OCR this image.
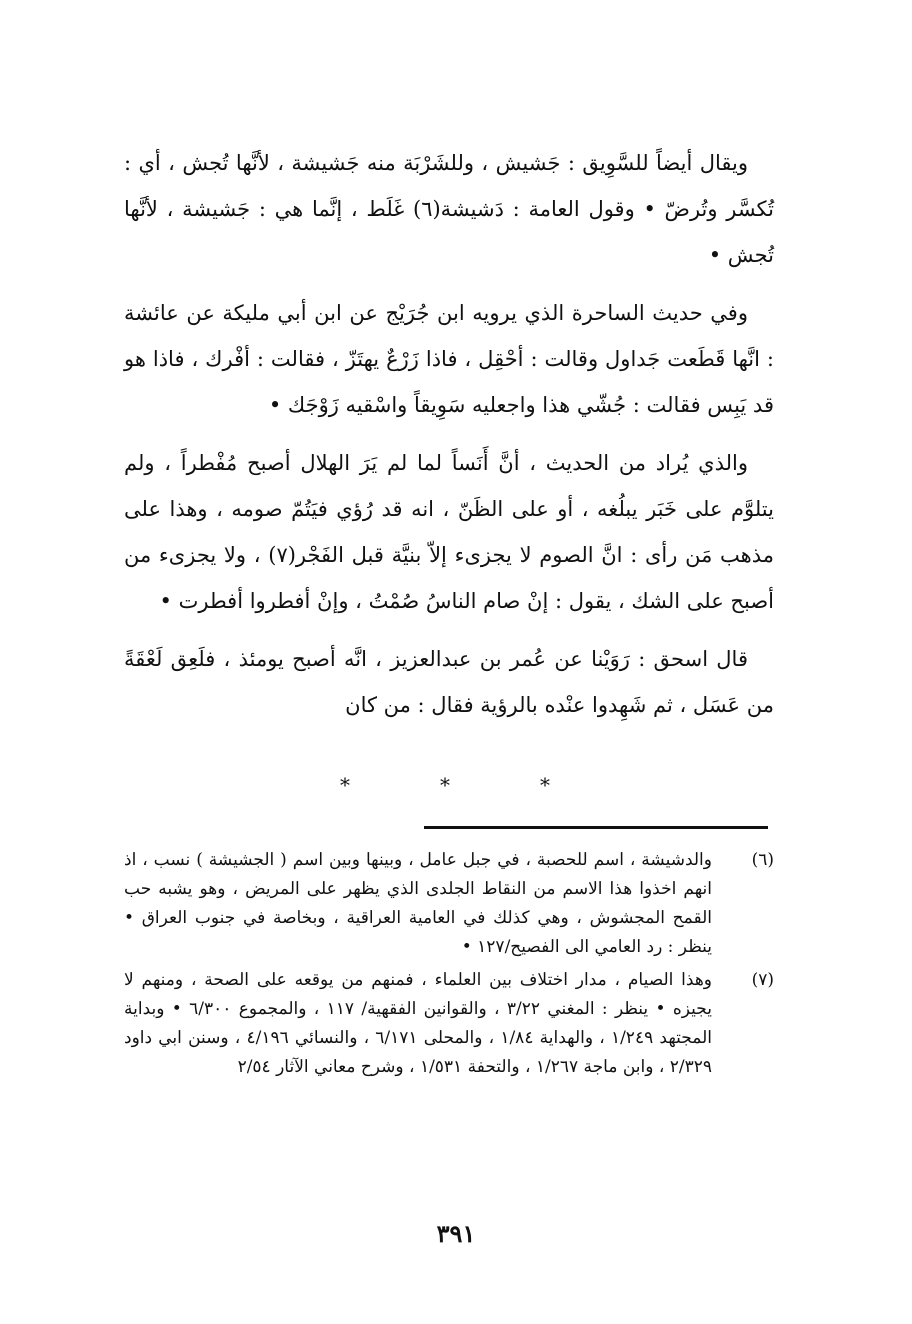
ويقال أيضاً للسَّوِيق : جَشيش ، وللشَرْبَة منه جَشيشة ، لأنَّها تُجش ، أي : تُكسَّر وتُرضّ • وقول العامة : دَشيشة(٦) غَلَط ، إنَّما هي : جَشيشة ، لأنَّها تُجش •

وفي حديث الساحرة الذي يرويه ابن جُرَيْج عن ابن أبي مليكة عن عائشة : انَّها قَطَعت جَداول وقالت : أحْقِل ، فاذا زَرْعٌ يهتَزّ ، فقالت : أفْرك ، فاذا هو قد يَبِس فقالت : جُشّي هذا واجعليه سَوِيقاً واسْقيه زَوْجَك •

والذي يُراد من الحديث ، أنَّ أَنَساً لما لم يَرَ الهلال أصبح مُفْطراً ، ولم يتلوَّم على خَبَر يبلُغه ، أو على الظَنّ ، انه قد رُؤي فيَتُمّ صومه ، وهذا على مذهب مَن رأى : انَّ الصوم لا يجزىء إلاّ بنيَّة قبل الفَجْر(٧) ، ولا يجزىء من أصبح على الشك ، يقول : إنْ صام الناسُ صُمْتُ ، وإنْ أفطروا أفطرت •

قال اسحق : رَوَيْنا عن عُمر بن عبدالعزيز ، انَّه أصبح يومئذ ، فلَعِق لَعْقَةً من عَسَل ، ثم شَهِدوا عنْده بالرؤية فقال : من كان

*	*	*
(٦)
والدشيشة ، اسم للحصبة ، في جبل عامل ، وبينها وبين اسم ( الجشيشة ) نسب ، اذ انهم اخذوا هذا الاسم من النقاط الجلدى الذي يظهر على المريض ، وهو يشبه حب القمح المجشوش ، وهي كذلك في العامية العراقية ، وبخاصة في جنوب العراق • ينظر : رد العامي الى الفصيح/١٢٧ •
(٧)
وهذا الصيام ، مدار اختلاف بين العلماء ، فمنهم من يوقعه على الصحة ، ومنهم لا يجيزه • ينظر : المغني ٣/٢٢ ، والقوانين الفقهية/ ١١٧ ، والمجموع ٦/٣٠٠ • وبداية المجتهد ١/٢٤٩ ، والهداية ١/٨٤ ، والمحلى ٦/١٧١ ، والنسائي ٤/١٩٦ ، وسنن ابي داود ٢/٣٢٩ ، وابن ماجة ١/٢٦٧ ، والتحفة ١/٥٣١ ، وشرح معاني الآثار ٢/٥٤
٣٩١
